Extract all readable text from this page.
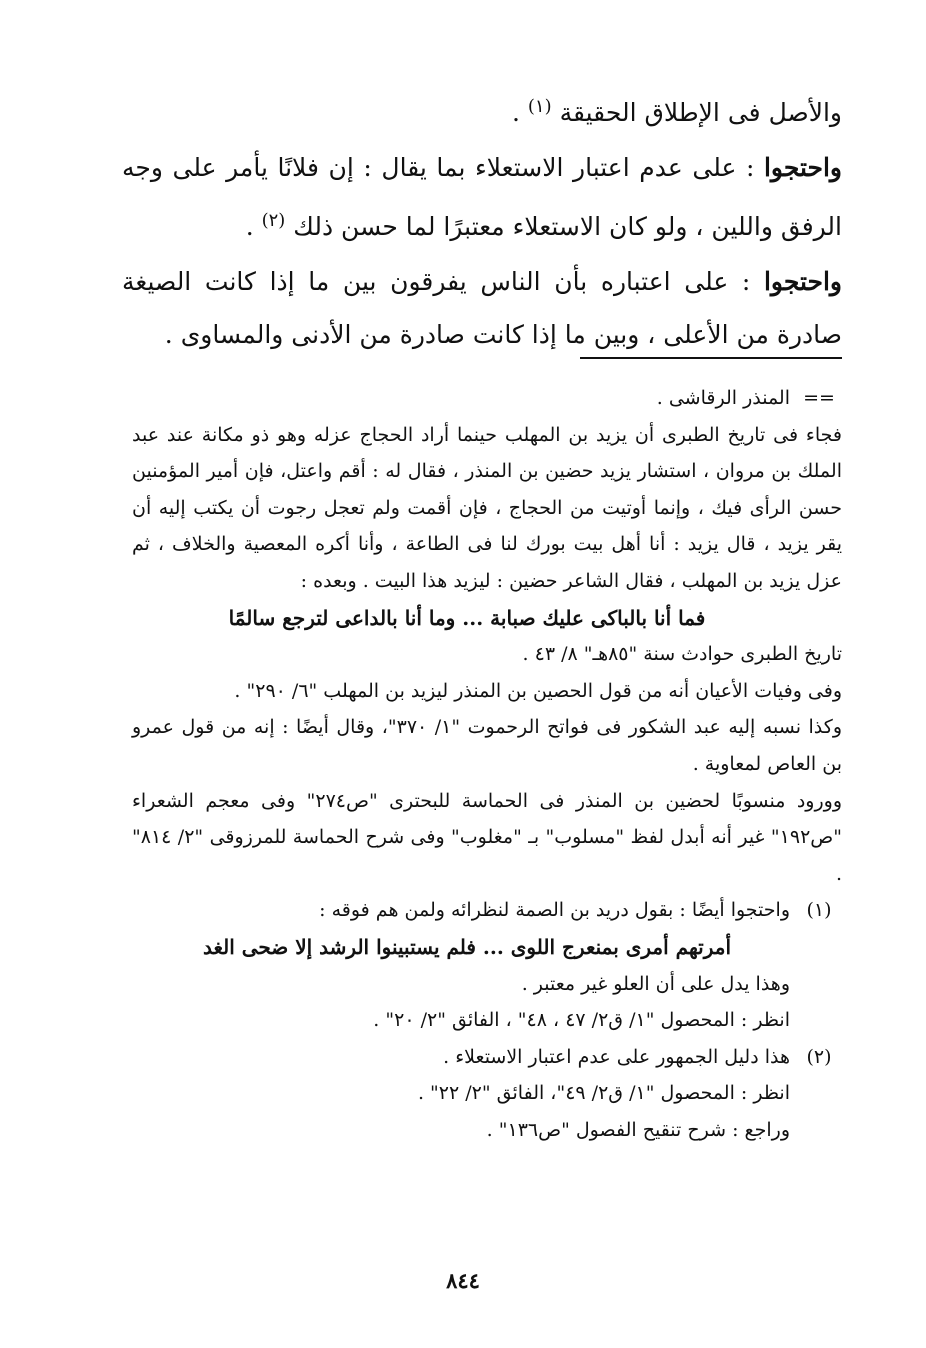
والأصل فى الإطلاق الحقيقة $^{(١)}$ .

واحتجوا : على عدم اعتبار الاستعلاء بما يقال : إن فلانًا يأمر على وجه الرفق واللين ، ولو كان الاستعلاء معتبرًا لما حسن ذلك $^{(٢)}$ .

واحتجوا : على اعتباره بأن الناس يفرقون بين ما إذا كانت الصيغة صادرة من الأعلى ، وبين ما إذا كانت صادرة من الأدنى والمساوى .

==
المنذر الرقاشى .
فجاء فى تاريخ الطبرى أن يزيد بن المهلب حينما أراد الحجاج عزله وهو ذو مكانة عند عبد الملك بن مروان ، استشار يزيد حضين بن المنذر ، فقال له : أقم واعتل، فإن أمير المؤمنين حسن الرأى فيك ، وإنما أوتيت من الحجاج ، فإن أقمت ولم تعجل رجوت أن يكتب إليه أن يقر يزيد ، قال يزيد : أنا أهل بيت بورك لنا فى الطاعة ، وأنا أكره المعصية والخلاف ، ثم عزل يزيد بن المهلب ، فقال الشاعر حضين : ليزيد هذا البيت . وبعده :
فما أنا بالباكى عليك صبابة ... وما أنا بالداعى لترجع سالمًا
تاريخ الطبرى حوادث سنة "٨٥هـ" ٨/ ٤٣ .
وفى وفيات الأعيان أنه من قول الحصين بن المنذر ليزيد بن المهلب "٦/ ٢٩٠" .
وكذا نسبه إليه عبد الشكور فى فواتح الرحموت "١/ ٣٧٠"، وقال أيضًا : إنه من قول عمرو بن العاص لمعاوية .
وورود منسوبًا لحضين بن المنذر فى الحماسة للبحترى "ص٢٧٤" وفى معجم الشعراء "ص١٩٢" غير أنه أبدل لفظ "مسلوب" بـ "مغلوب" وفى شرح الحماسة للمرزوقى "٢/ ٨١٤" .
(١)
واحتجوا أيضًا : بقول دريد بن الصمة لنظرائه ولمن هم فوقه :
أمرتهم أمرى بمنعرج اللوى ... فلم يستبينوا الرشد إلا ضحى الغد
وهذا يدل على أن العلو غير معتبر .
انظر : المحصول "١/ ق٢/ ٤٧ ، ٤٨" ، الفائق "٢/ ٢٠" .
(٢)
هذا دليل الجمهور على عدم اعتبار الاستعلاء .
انظر : المحصول "١/ ق٢/ ٤٩"، الفائق "٢/ ٢٢" .
وراجع : شرح تنقيح الفصول "ص١٣٦" .
٨٤٤
